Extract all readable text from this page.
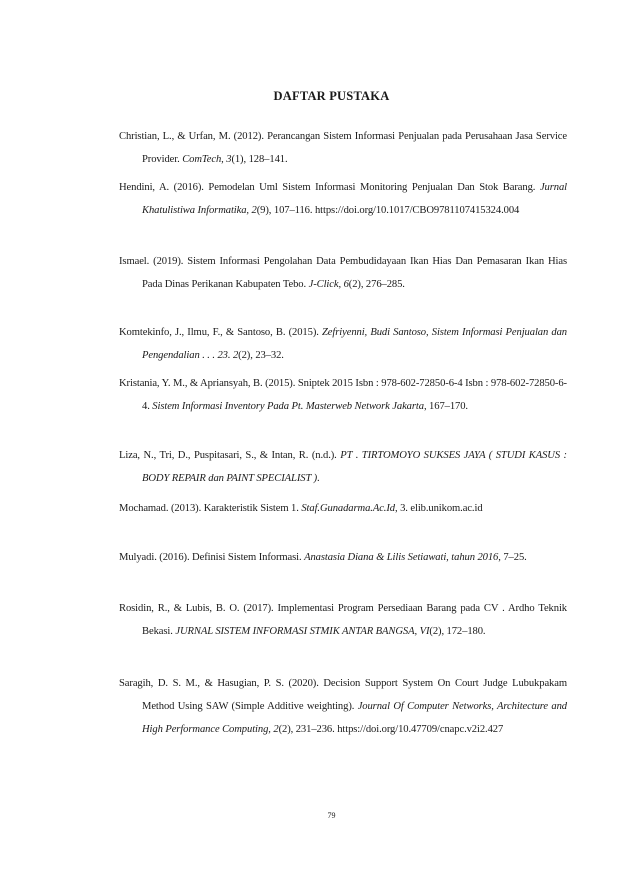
DAFTAR PUSTAKA

Christian, L., & Urfan, M. (2012). Perancangan Sistem Informasi Penjualan pada Perusahaan Jasa Service Provider. ComTech, 3(1), 128–141.

Hendini, A. (2016). Pemodelan Uml Sistem Informasi Monitoring Penjualan Dan Stok Barang. Jurnal Khatulistiwa Informatika, 2(9), 107–116. https://doi.org/10.1017/CBO9781107415324.004

Ismael. (2019). Sistem Informasi Pengolahan Data Pembudidayaan Ikan Hias Dan Pemasaran Ikan Hias Pada Dinas Perikanan Kabupaten Tebo. J-Click, 6(2), 276–285.

Komtekinfo, J., Ilmu, F., & Santoso, B. (2015). Zefriyenni, Budi Santoso, Sistem Informasi Penjualan dan Pengendalian . . . 23. 2(2), 23–32.

Kristania, Y. M., & Apriansyah, B. (2015). Sniptek 2015 Isbn : 978-602-72850-6-4 Isbn : 978-602-72850-6-4. Sistem Informasi Inventory Pada Pt. Masterweb Network Jakarta, 167–170.

Liza, N., Tri, D., Puspitasari, S., & Intan, R. (n.d.). PT . TIRTOMOYO SUKSES JAYA ( STUDI KASUS : BODY REPAIR dan PAINT SPECIALIST ).

Mochamad. (2013). Karakteristik Sistem 1. Staf.Gunadarma.Ac.Id, 3. elib.unikom.ac.id

Mulyadi. (2016). Definisi Sistem Informasi. Anastasia Diana & Lilis Setiawati, tahun 2016, 7–25.

Rosidin, R., & Lubis, B. O. (2017). Implementasi Program Persediaan Barang pada CV . Ardho Teknik Bekasi. JURNAL SISTEM INFORMASI STMIK ANTAR BANGSA, VI(2), 172–180.

Saragih, D. S. M., & Hasugian, P. S. (2020). Decision Support System On Court Judge Lubukpakam Method Using SAW (Simple Additive weighting). Journal Of Computer Networks, Architecture and High Performance Computing, 2(2), 231–236. https://doi.org/10.47709/cnapc.v2i2.427

79
